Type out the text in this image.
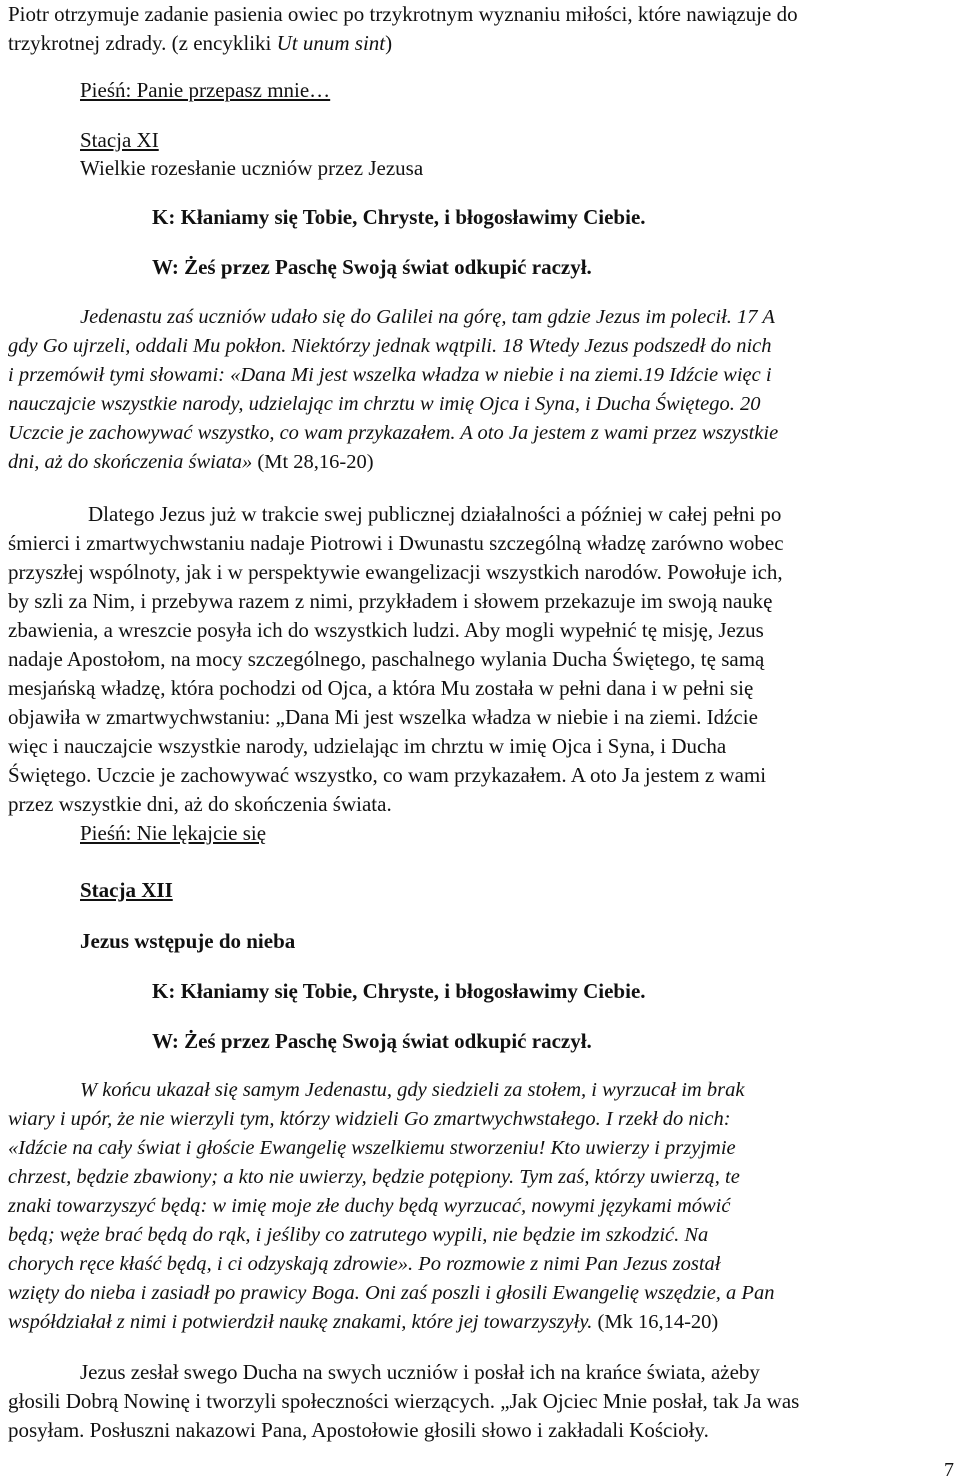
Piotr otrzymuje zadanie pasienia owiec po trzykrotnym wyznaniu miłości, które nawiązuje do
trzykrotnej zdrady. (z encykliki Ut unum sint)

Pieśń: Panie przepasz mnie…

Stacja XI

Wielkie rozesłanie uczniów przez Jezusa

K: Kłaniamy się Tobie, Chryste, i błogosławimy Ciebie.

W: Żeś przez Paschę Swoją świat odkupić raczył.

Jedenastu zaś uczniów udało się do Galilei na górę, tam gdzie Jezus im polecił. 17 A
gdy Go ujrzeli, oddali Mu pokłon. Niektórzy jednak wątpili. 18 Wtedy Jezus podszedł do nich
i przemówił tymi słowami: «Dana Mi jest wszelka władza w niebie i na ziemi.19 Idźcie więc i
nauczajcie wszystkie narody, udzielając im chrztu w imię Ojca i Syna, i Ducha Świętego. 20
Uczcie je zachowywać wszystko, co wam przykazałem. A oto Ja jestem z wami przez wszystkie
dni, aż do skończenia świata» (Mt 28,16-20)

Dlatego Jezus już w trakcie swej publicznej działalności a później w całej pełni po
śmierci i zmartwychwstaniu nadaje Piotrowi i Dwunastu szczególną władzę zarówno wobec
przyszłej wspólnoty, jak i w perspektywie ewangelizacji wszystkich narodów. Powołuje ich,
by szli za Nim, i przebywa razem z nimi, przykładem i słowem przekazuje im swoją naukę
zbawienia, a wreszcie posyła ich do wszystkich ludzi. Aby mogli wypełnić tę misję, Jezus
nadaje Apostołom, na mocy szczególnego, paschalnego wylania Ducha Świętego, tę samą
mesjańską władzę, która pochodzi od Ojca, a która Mu została w pełni dana i w pełni się
objawiła w zmartwychwstaniu: „Dana Mi jest wszelka władza w niebie i na ziemi. Idźcie
więc i nauczajcie wszystkie narody, udzielając im chrztu w imię Ojca i Syna, i Ducha
Świętego. Uczcie je zachowywać wszystko, co wam przykazałem. A oto Ja jestem z wami
przez wszystkie dni, aż do skończenia świata.

Pieśń: Nie lękajcie się

Stacja XII

Jezus wstępuje do nieba

K: Kłaniamy się Tobie, Chryste, i błogosławimy Ciebie.

W: Żeś przez Paschę Swoją świat odkupić raczył.

W końcu ukazał się samym Jedenastu, gdy siedzieli za stołem, i wyrzucał im brak
wiary i upór, że nie wierzyli tym, którzy widzieli Go zmartwychwstałego. I rzekł do nich:
«Idźcie na cały świat i głoście Ewangelię wszelkiemu stworzeniu! Kto uwierzy i przyjmie
chrzest, będzie zbawiony; a kto nie uwierzy, będzie potępiony. Tym zaś, którzy uwierzą, te
znaki towarzyszyć będą: w imię moje złe duchy będą wyrzucać, nowymi językami mówić
będą; węże brać będą do rąk, i jeśliby co zatrutego wypili, nie będzie im szkodzić. Na
chorych ręce kłaść będą, i ci odzyskają zdrowie». Po rozmowie z nimi Pan Jezus został
wzięty do nieba i zasiadł po prawicy Boga. Oni zaś poszli i głosili Ewangelię wszędzie, a Pan
współdziałał z nimi i potwierdził naukę znakami, które jej towarzyszyły. (Mk 16,14-20)

Jezus zesłał swego Ducha na swych uczniów i posłał ich na krańce świata, ażeby
głosili Dobrą Nowinę i tworzyli społeczności wierzących. „Jak Ojciec Mnie posłał, tak Ja was
posyłam. Posłuszni nakazowi Pana, Apostołowie głosili słowo i zakładali Kościoły.

7
